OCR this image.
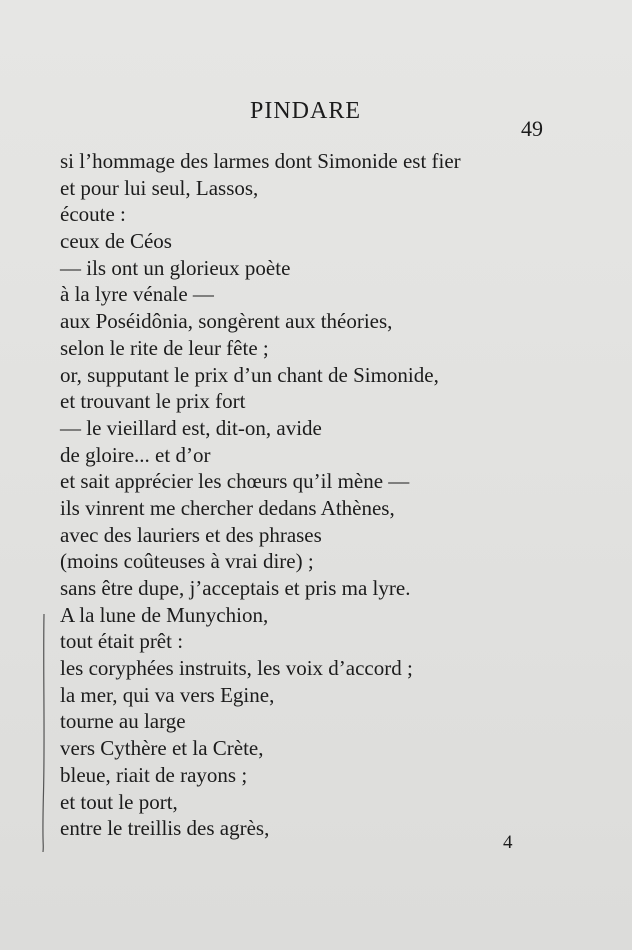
PINDARE
49
si l’hommage des larmes dont Simonide est fier
et pour lui seul, Lassos,
écoute :
ceux de Céos
— ils ont un glorieux poète
à la lyre vénale —
aux Poséidônia, songèrent aux théories,
selon le rite de leur fête ;
or, supputant le prix d’un chant de Simonide,
et trouvant le prix fort
— le vieillard est, dit-on, avide
de gloire... et d’or
et sait apprécier les chœurs qu’il mène —
ils vinrent me chercher dedans Athènes,
avec des lauriers et des phrases
(moins coûteuses à vrai dire) ;
sans être dupe, j’acceptais et pris ma lyre.
A la lune de Munychion,
tout était prêt :
les coryphées instruits, les voix d’accord ;
la mer, qui va vers Egine,
tourne au large
vers Cythère et la Crète,
bleue, riait de rayons ;
et tout le port,
entre le treillis des agrès,
4
